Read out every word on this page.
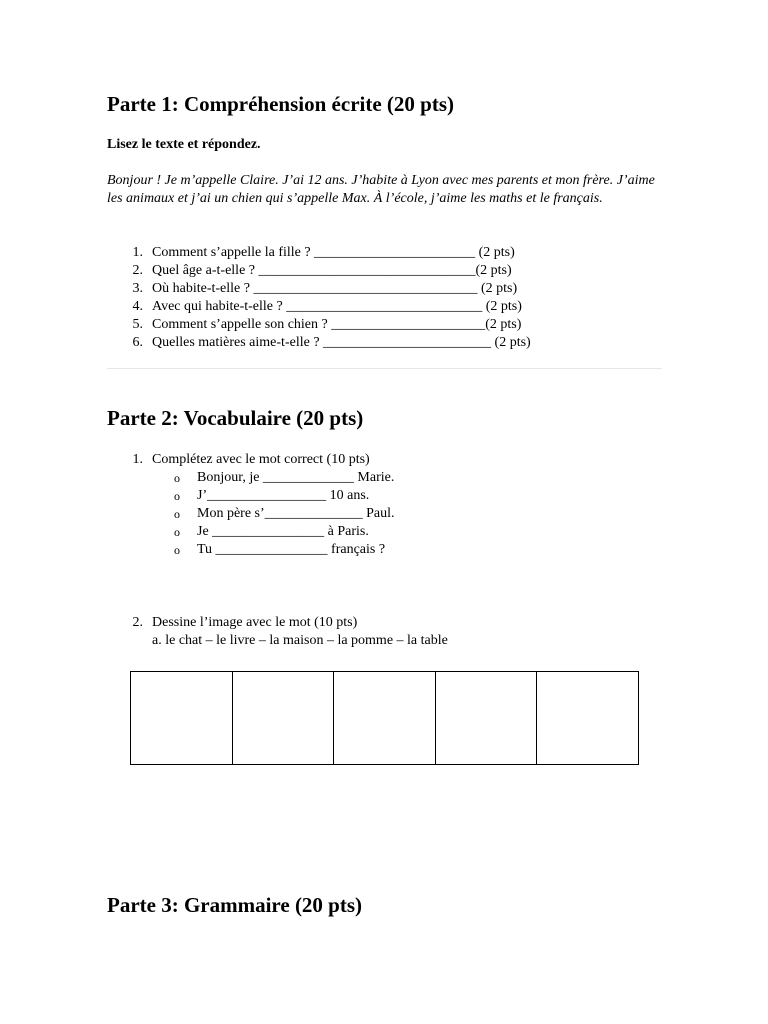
Parte 1: Compréhension écrite (20 pts)

Lisez le texte et répondez.

Bonjour ! Je m’appelle Claire. J’ai 12 ans. J’habite à Lyon avec mes parents et mon frère. J’aime les animaux et j’ai un chien qui s’appelle Max. À l’école, j’aime les maths et le français.

1. Comment s’appelle la fille ? _______________________ (2 pts)
2. Quel âge a-t-elle ? _______________________________(2 pts)
3. Où habite-t-elle ? ________________________________ (2 pts)
4. Avec qui habite-t-elle ? ____________________________ (2 pts)
5. Comment s’appelle son chien ? ______________________(2 pts)
6. Quelles matières aime-t-elle ? ________________________ (2 pts)
Parte 2: Vocabulaire (20 pts)
1. Complétez avec le mot correct (10 pts)
o Bonjour, je _____________ Marie.
o J’_________________ 10 ans.
o Mon père s’______________ Paul.
o Je ________________ à Paris.
o Tu ________________ français ?
2. Dessine l’image avec le mot (10 pts)
a. le chat – le livre – la maison – la pomme – la table
Parte 3: Grammaire (20 pts)
